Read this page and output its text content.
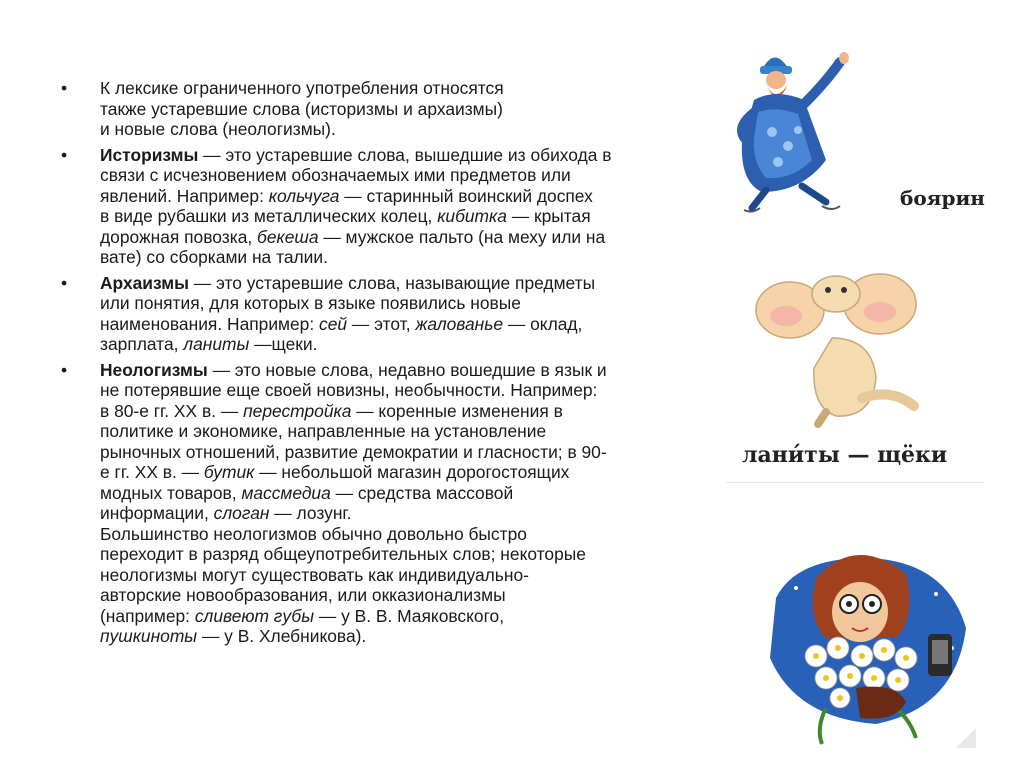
• К лексике ограниченного употребления относятся
также устаревшие слова (историзмы и архаизмы)
и новые слова (неологизмы).
• Историзмы — это устаревшие слова, вышедшие из обихода в
связи с исчезновением обозначаемых ими предметов или
явлений. Например: кольчуга — старинный воинский доспех
в виде рубашки из металлических колец, кибитка — крытая
дорожная повозка, бекеша — мужское пальто (на меху или на
вате) со сборками на талии.
• Архаизмы — это устаревшие слова, называющие предметы
или понятия, для которых в языке появились новые
наименования. Например: сей — этот, жалованье — оклад,
зарплата, ланиты —щеки.
• Неологизмы — это новые слова, недавно вошедшие в язык и
не потерявшие еще своей новизны, необычности. Например:
в 80-е гг. XX в. — перестройка — коренные изменения в
политике и экономике, направленные на установление
рыночных отношений, развитие демократии и гласности; в 90-
е гг. XX в. — бутик — небольшой магазин дорогостоящих
модных товаров, массмедиа — средства массовой
информации, слоган — лозунг.
Большинство неологизмов обычно довольно быстро
переходит в разряд общеупотребительных слов; некоторые
неологизмы могут существовать как индивидуально-
авторские новообразования, или окказионализмы
(например: сливеют губы — у В. В. Маяковского,
пушкиноты — у В. Хлебникова).
боярин
лани́ты — щёки
